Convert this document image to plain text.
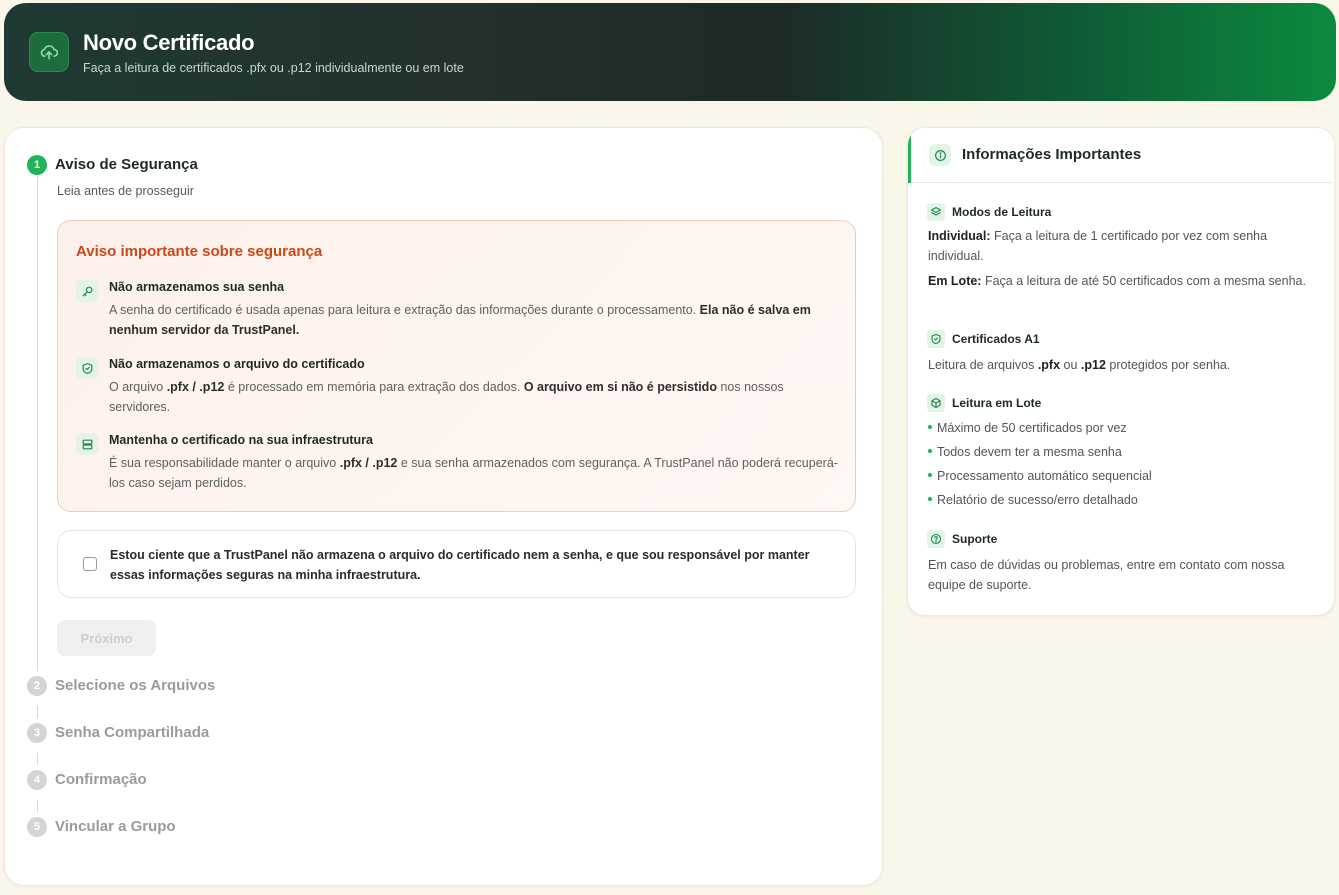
Novo Certificado
Faça a leitura de certificados .pfx ou .p12 individualmente ou em lote
1 Aviso de Segurança
Leia antes de prosseguir
Aviso importante sobre segurança
Não armazenamos sua senha
A senha do certificado é usada apenas para leitura e extração das informações durante o processamento. Ela não é salva em nenhum servidor da TrustPanel.
Não armazenamos o arquivo do certificado
O arquivo .pfx / .p12 é processado em memória para extração dos dados. O arquivo em si não é persistido nos nossos servidores.
Mantenha o certificado na sua infraestrutura
É sua responsabilidade manter o arquivo .pfx / .p12 e sua senha armazenados com segurança. A TrustPanel não poderá recuperá-los caso sejam perdidos.
Estou ciente que a TrustPanel não armazena o arquivo do certificado nem a senha, e que sou responsável por manter essas informações seguras na minha infraestrutura.
Próximo
2 Selecione os Arquivos
3 Senha Compartilhada
4 Confirmação
5 Vincular a Grupo
Informações Importantes
Modos de Leitura
Individual: Faça a leitura de 1 certificado por vez com senha individual.
Em Lote: Faça a leitura de até 50 certificados com a mesma senha.
Certificados A1
Leitura de arquivos .pfx ou .p12 protegidos por senha.
Leitura em Lote
Máximo de 50 certificados por vez
Todos devem ter a mesma senha
Processamento automático sequencial
Relatório de sucesso/erro detalhado
Suporte
Em caso de dúvidas ou problemas, entre em contato com nossa equipe de suporte.
